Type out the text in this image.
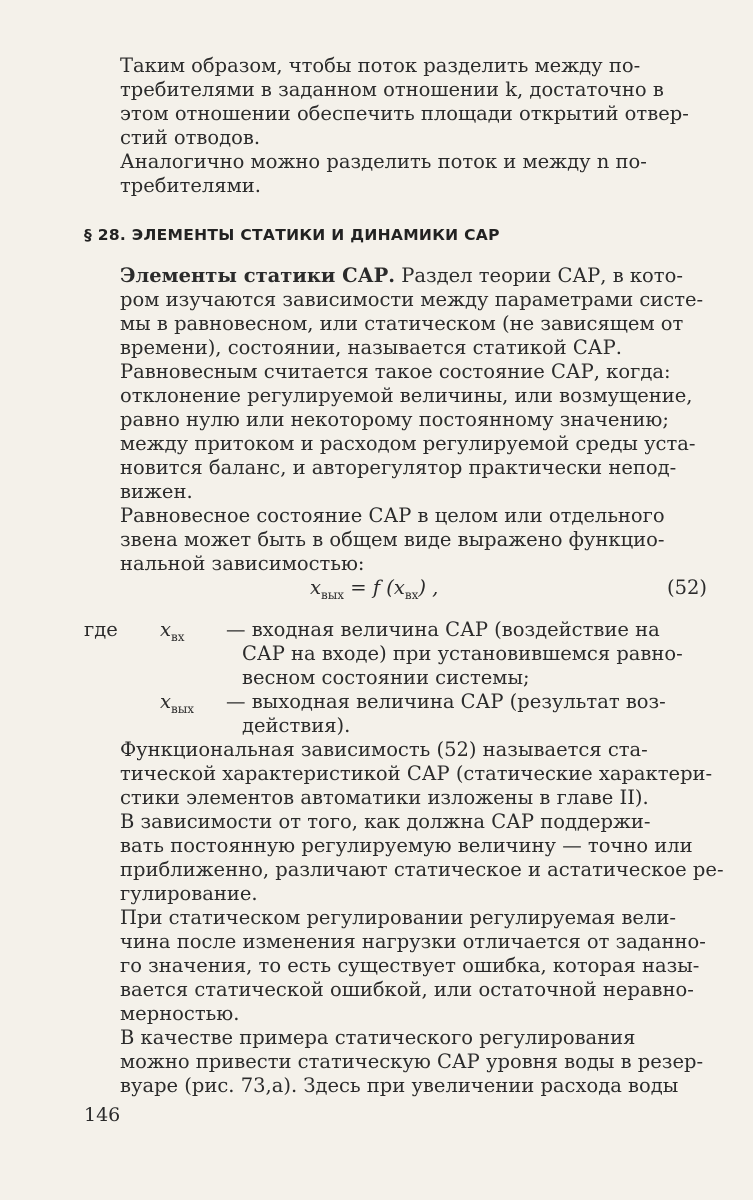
Таким образом, чтобы поток разделить между по-
требителями в заданном отношении k, достаточно в
этом отношении обеспечить площади открытий отвер-
стий отводов.
Аналогично можно разделить поток и между n по-
требителями.
§ 28. ЭЛЕМЕНТЫ СТАТИКИ И ДИНАМИКИ САР
Элементы статики САР. Раздел теории САР, в кото-
ром изучаются зависимости между параметрами систе-
мы в равновесном, или статическом (не зависящем от
времени), состоянии, называется статикой САР.
Равновесным считается такое состояние САР, когда:
отклонение регулируемой величины, или возмущение,
равно нулю или некоторому постоянному значению;
между притоком и расходом регулируемой среды уста-
новится баланс, и авторегулятор практически непод-
вижен.
Равновесное состояние САР в целом или отдельного
звена может быть в общем виде выражено функцио-
нальной зависимостью:
$x_{вых} = f$ $(x_{вх})$ ,	(52)
где $x_{вх}$ — входная величина САР (воздействие на
САР на входе) при установившемся равно-
весном состоянии системы;
$x_{вых}$ — выходная величина САР (результат воз-
действия).
Функциональная зависимость (52) называется ста-
тической характеристикой САР (статические характери-
стики элементов автоматики изложены в главе II).
В зависимости от того, как должна САР поддержи-
вать постоянную регулируемую величину — точно или
приближенно, различают статическое и астатическое ре-
гулирование.
При статическом регулировании регулируемая вели-
чина после изменения нагрузки отличается от заданно-
го значения, то есть существует ошибка, которая назы-
вается статической ошибкой, или остаточной неравно-
мерностью.
В качестве примера статического регулирования
можно привести статическую САР уровня воды в резер-
вуаре (рис. 73,a). Здесь при увеличении расхода воды
146
